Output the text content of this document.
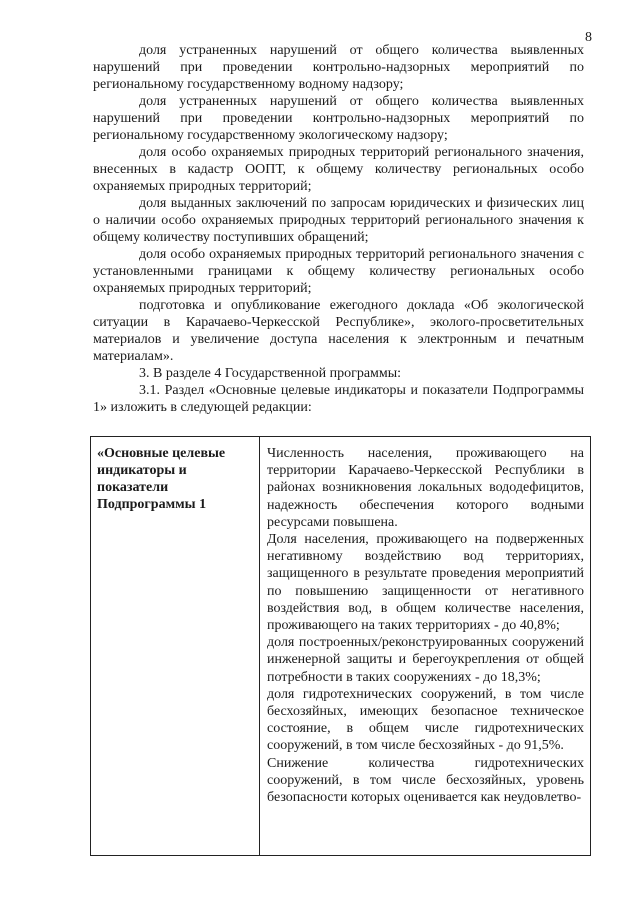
8

доля устраненных нарушений от общего количества выявленных нарушений при проведении контрольно-надзорных мероприятий по региональному государственному водному надзору;

доля устраненных нарушений от общего количества выявленных нарушений при проведении контрольно-надзорных мероприятий по региональному государственному экологическому надзору;

доля особо охраняемых природных территорий регионального значения, внесенных в кадастр ООПТ, к общему количеству региональных особо охраняемых природных территорий;

доля выданных заключений по запросам юридических и физических лиц о наличии особо охраняемых природных территорий регионального значения к общему количеству поступивших обращений;

доля особо охраняемых природных территорий регионального значения с установленными границами к общему количеству региональных особо охраняемых природных территорий;

подготовка и опубликование ежегодного доклада «Об экологической ситуации в Карачаево-Черкесской Республике», эколого-просветительных материалов и увеличение доступа населения к электронным и печатным материалам».

3. В разделе 4 Государственной программы:

3.1. Раздел «Основные целевые индикаторы и показатели Подпрограммы 1» изложить в следующей редакции:

«Основные целевые индикаторы и показатели Подпрограммы 1

Численность населения, проживающего на территории Карачаево-Черкесской Республики в районах возникновения локальных вододефицитов, надежность обеспечения которого водными ресурсами повышена.

Доля населения, проживающего на подверженных негативному воздействию вод территориях, защищенного в результате проведения мероприятий по повышению защищенности от негативного воздействия вод, в общем количестве населения, проживающего на таких территориях - до 40,8%;

доля построенных/реконструированных сооружений инженерной защиты и берегоукрепления от общей потребности в таких сооружениях - до 18,3%;

доля гидротехнических сооружений, в том числе бесхозяйных, имеющих безопасное техническое состояние, в общем числе гидротехнических сооружений, в том числе бесхозяйных - до 91,5%.

Снижение количества гидротехнических сооружений, в том числе бесхозяйных, уровень безопасности которых оценивается как неудовлетво-
